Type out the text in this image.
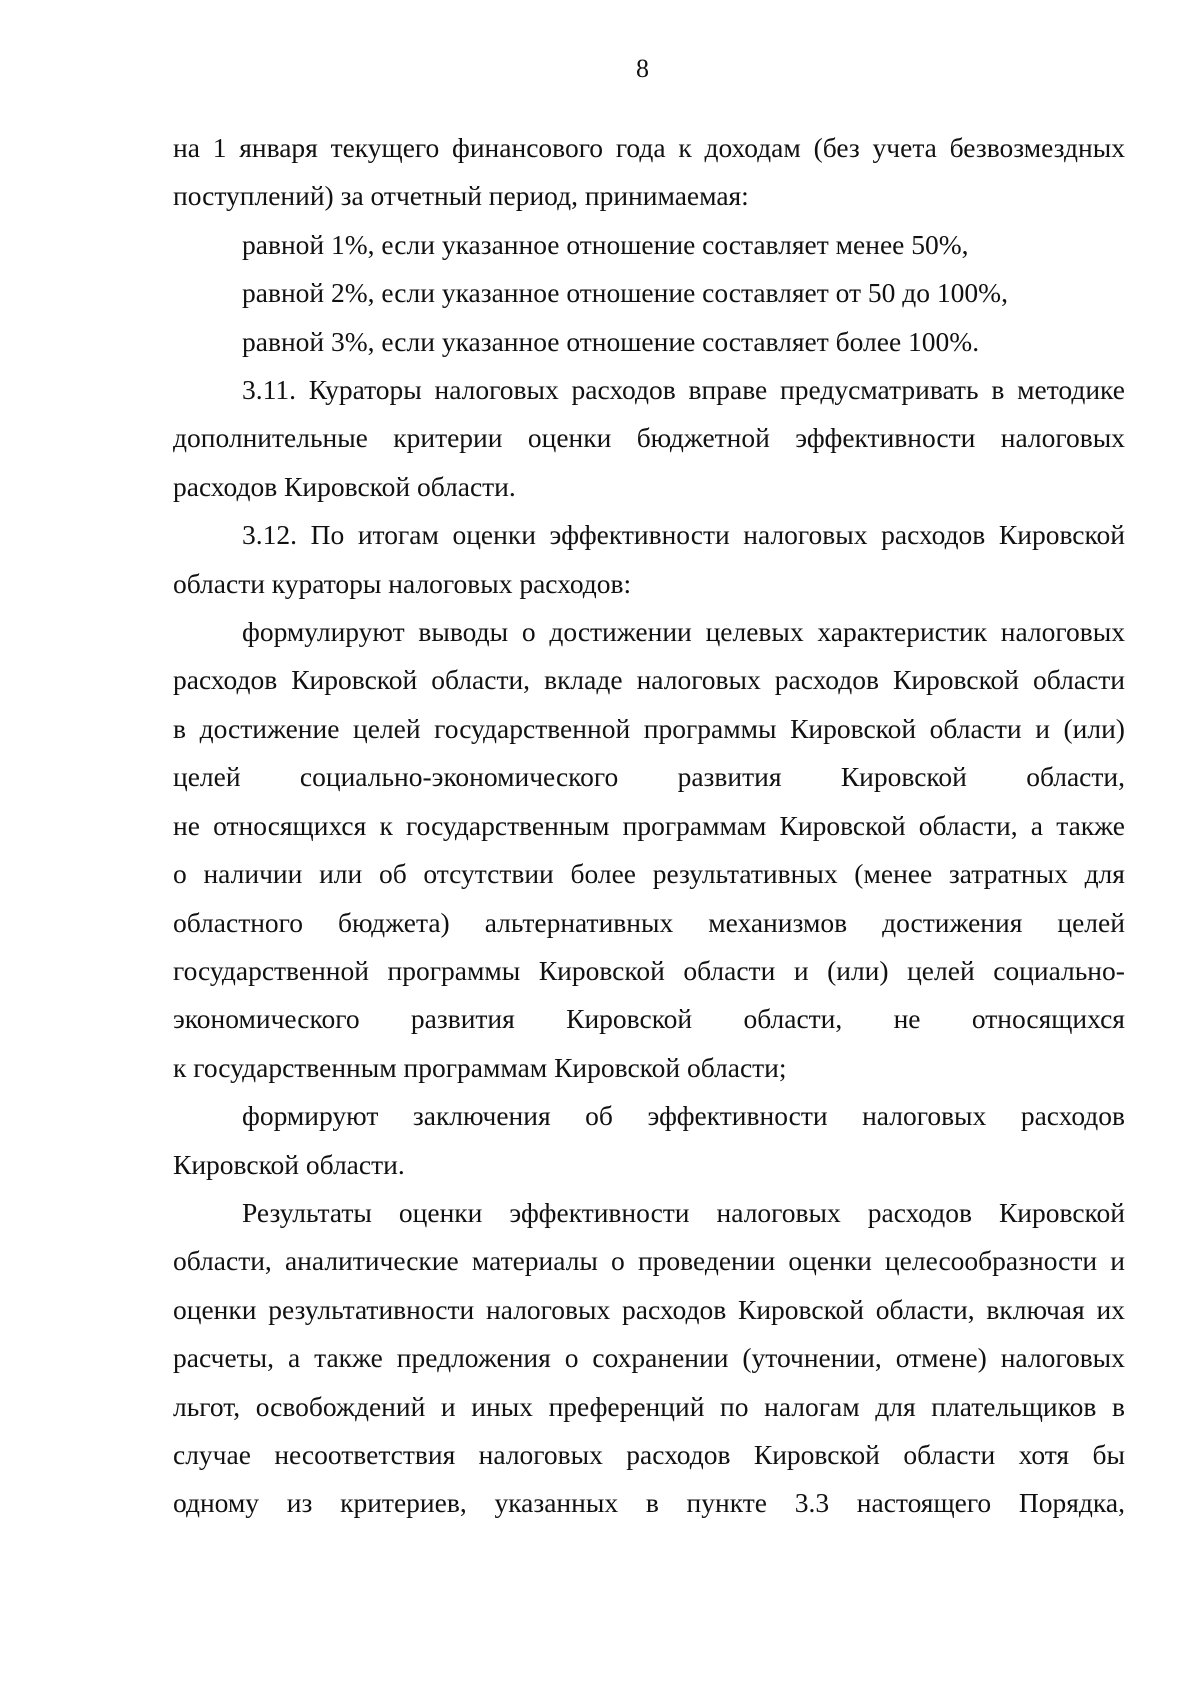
8
на 1 января текущего финансового года к доходам (без учета безвозмездных
поступлений) за отчетный период, принимаемая:
равной 1%, если указанное отношение составляет менее 50%,
равной 2%, если указанное отношение составляет от 50 до 100%,
равной 3%, если указанное отношение составляет более 100%.
3.11. Кураторы налоговых расходов вправе предусматривать в методике
дополнительные критерии оценки бюджетной эффективности налоговых
расходов Кировской области.
3.12. По итогам оценки эффективности налоговых расходов Кировской
области кураторы налоговых расходов:
формулируют выводы о достижении целевых характеристик налоговых
расходов Кировской области, вкладе налоговых расходов Кировской области
в достижение целей государственной программы Кировской области и (или)
целей социально-экономического развития Кировской области,
не относящихся к государственным программам Кировской области, а также
о наличии или об отсутствии более результативных (менее затратных для
областного бюджета) альтернативных механизмов достижения целей
государственной программы Кировской области и (или) целей социально-
экономического развития Кировской области, не относящихся
к государственным программам Кировской области;
формируют заключения об эффективности налоговых расходов
Кировской области.
Результаты оценки эффективности налоговых расходов Кировской
области, аналитические материалы о проведении оценки целесообразности и
оценки результативности налоговых расходов Кировской области, включая их
расчеты, а также предложения о сохранении (уточнении, отмене) налоговых
льгот, освобождений и иных преференций по налогам для плательщиков в
случае несоответствия налоговых расходов Кировской области хотя бы
одному из критериев, указанных в пункте 3.3 настоящего Порядка,
